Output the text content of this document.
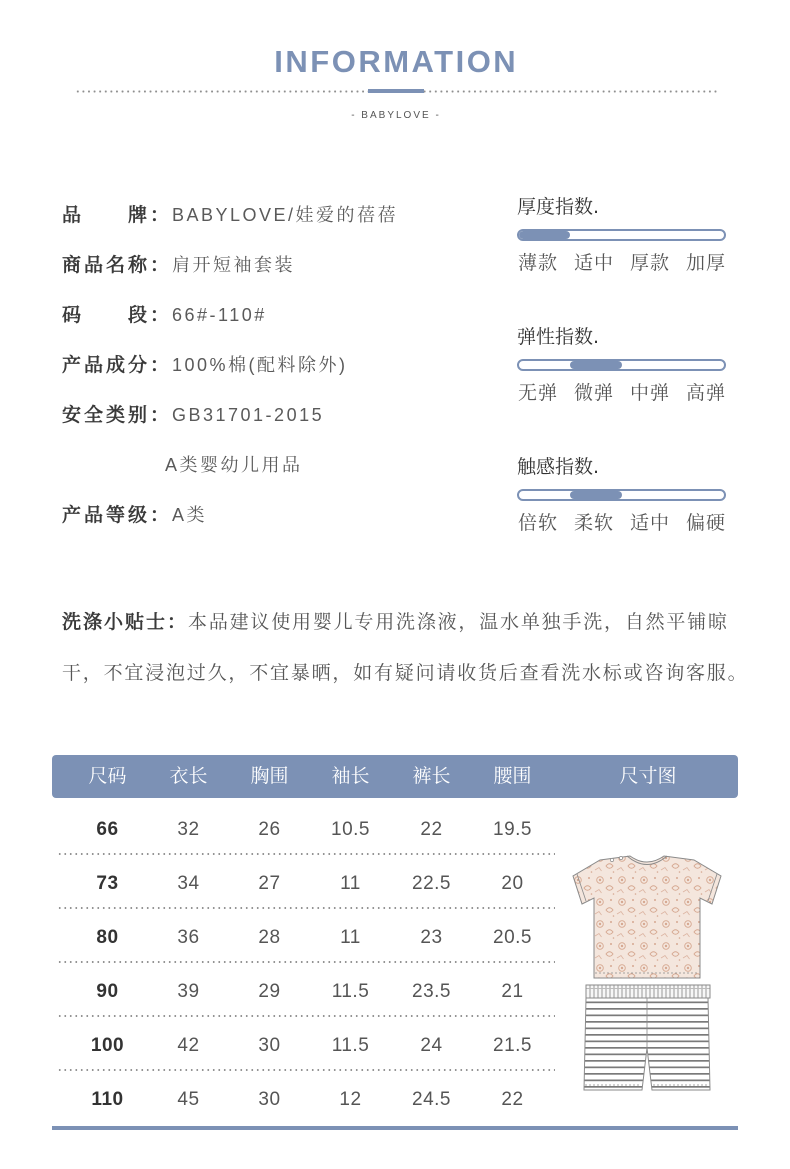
INFORMATION
- BABYLOVE -
品　　牌：BABYLOVE/娃爱的蓓蓓
商品名称：肩开短袖套装
码　　段：66#-110#
产品成分：100%棉(配料除外)
安全类别：GB31701-2015
A类婴幼儿用品
产品等级：A类
厚度指数.
薄款 适中 厚款 加厚
弹性指数.
无弹 微弹 中弹 高弹
触感指数.
倍软 柔软 适中 偏硬
洗涤小贴士：本品建议使用婴儿专用洗涤液，温水单独手洗，自然平铺晾
干，不宜浸泡过久，不宜暴晒，如有疑问请收货后查看洗水标或咨询客服。
尺码	衣长	胸围	袖长	裤长	腰围	尺寸图
66	32	26	10.5	22	19.5
73	34	27	11	22.5	20
80	36	28	11	23	20.5
90	39	29	11.5	23.5	21
100	42	30	11.5	24	21.5
110	45	30	12	24.5	22
